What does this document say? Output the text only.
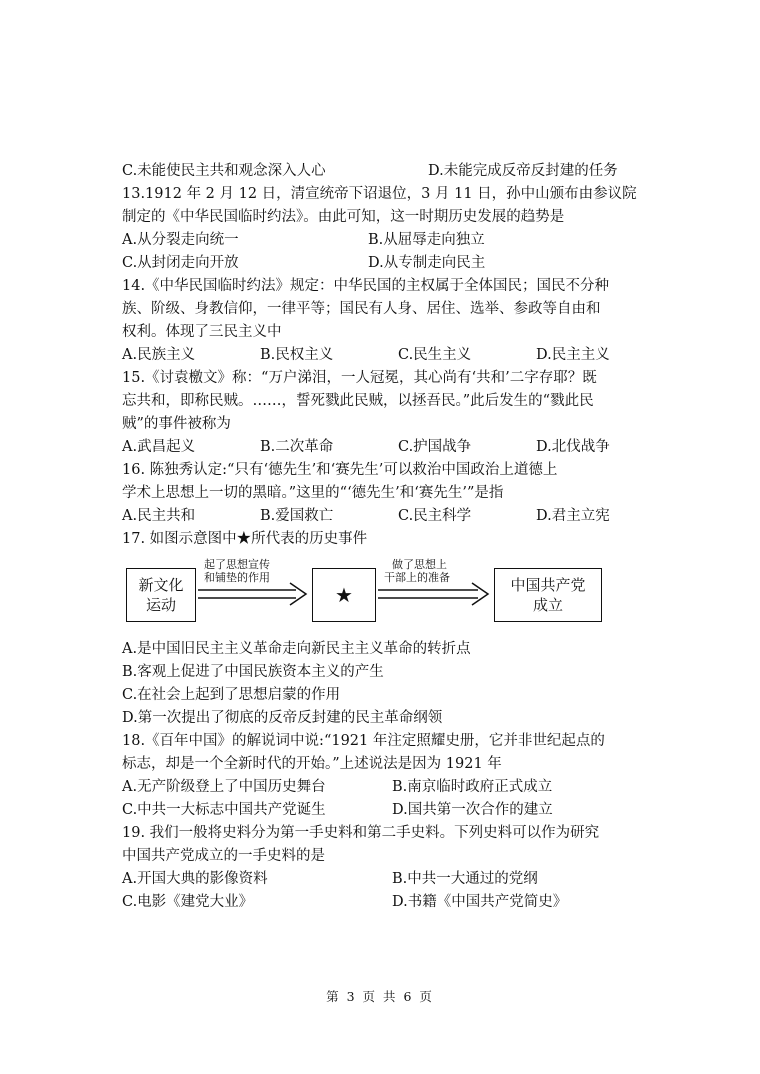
C.未能使民主共和观念深入人心	D.未能完成反帝反封建的任务
13.1912 年 2 月 12 日，清宣统帝下诏退位，3 月 11 日，孙中山颁布由参议院
制定的《中华民国临时约法》。由此可知，这一时期历史发展的趋势是
A.从分裂走向统一	B.从屈辱走向独立
C.从封闭走向开放	D.从专制走向民主
14.《中华民国临时约法》规定：中华民国的主权属于全体国民；国民不分种
族、阶级、身教信仰，一律平等；国民有人身、居住、选举、参政等自由和
权利。体现了三民主义中
A.民族主义	B.民权主义	C.民生主义	D.民主主义
15.《讨袁檄文》称：“万户涕泪，一人冠冕，其心尚有‘共和’二字存耶？既
忘共和，即称民贼。……，誓死戮此民贼，以拯吾民。”此后发生的“戮此民
贼”的事件被称为
A.武昌起义	B.二次革命	C.护国战争	D.北伐战争
16. 陈独秀认定:“只有‘德先生’和‘赛先生’可以救治中国政治上道德上
学术上思想上一切的黑暗。”这里的“‘德先生’和‘赛先生’”是指
A.民主共和	B.爱国救亡	C.民主科学	D.君主立宪
17. 如图示意图中★所代表的历史事件
新文化
运动
起了思想宣传
和铺垫的作用
★
做了思想上
干部上的准备	中国共产党
成立
A.是中国旧民主主义革命走向新民主主义革命的转折点
B.客观上促进了中国民族资本主义的产生
C.在社会上起到了思想启蒙的作用
D.第一次提出了彻底的反帝反封建的民主革命纲领
18.《百年中国》的解说词中说:“1921 年注定照耀史册，它并非世纪起点的
标志，却是一个全新时代的开始。”上述说法是因为 1921 年
A.无产阶级登上了中国历史舞台	B.南京临时政府正式成立
C.中共一大标志中国共产党诞生	D.国共第一次合作的建立
19. 我们一般将史料分为第一手史料和第二手史料。下列史料可以作为研究
中国共产党成立的一手史料的是
A.开国大典的影像资料	B.中共一大通过的党纲
C.电影《建党大业》	D.书籍《中国共产党简史》
第 3 页 共 6 页
